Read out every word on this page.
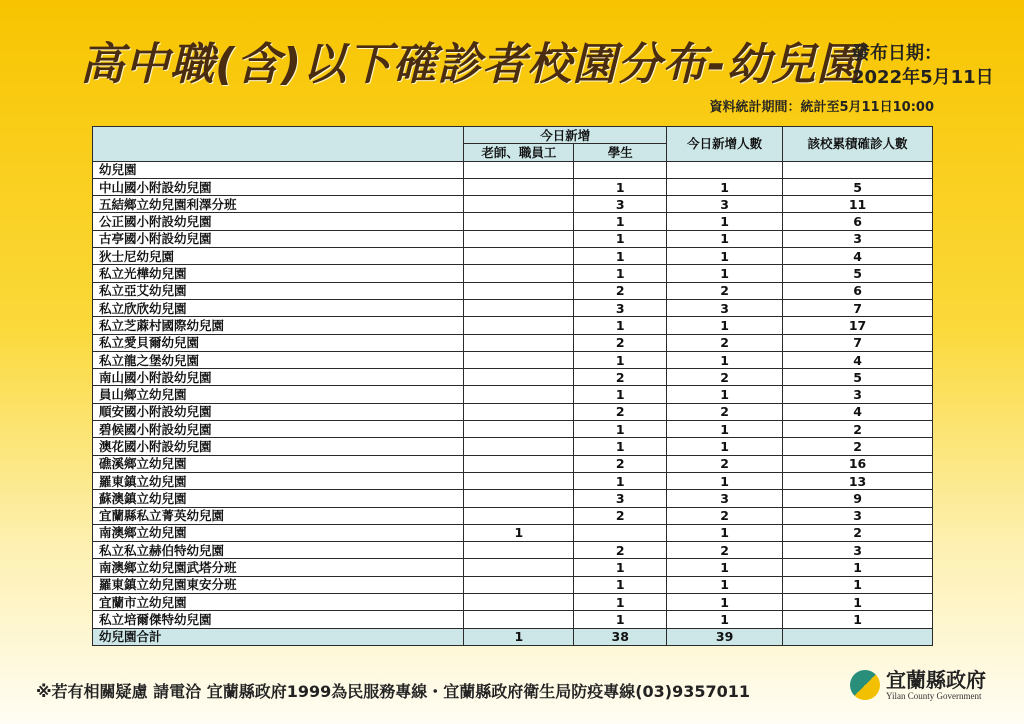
高中職(含)以下確診者校園分布-幼兒園
發布日期：
2022年5月11日
資料統計期間：統計至5月11日10:00
	今日新增		今日新增人數	該校累積確診人數
	老師、職員工	學生		
幼兒園				
中山國小附設幼兒園		1	1	5
五結鄉立幼兒園利澤分班		3	3	11
公正國小附設幼兒園		1	1	6
古亭國小附設幼兒園		1	1	3
狄士尼幼兒園		1	1	4
私立光樺幼兒園		1	1	5
私立亞艾幼兒園		2	2	6
私立欣欣幼兒園		3	3	7
私立芝蔴村國際幼兒園		1	1	17
私立愛貝爾幼兒園		2	2	7
私立龍之堡幼兒園		1	1	4
南山國小附設幼兒園		2	2	5
員山鄉立幼兒園		1	1	3
順安國小附設幼兒園		2	2	4
碧候國小附設幼兒園		1	1	2
澳花國小附設幼兒園		1	1	2
礁溪鄉立幼兒園		2	2	16
羅東鎮立幼兒園		1	1	13
蘇澳鎮立幼兒園		3	3	9
宜蘭縣私立菁英幼兒園		2	2	3
南澳鄉立幼兒園	1		1	2
私立私立赫伯特幼兒園		2	2	3
南澳鄉立幼兒園武塔分班		1	1	1
羅東鎮立幼兒園東安分班		1	1	1
宜蘭市立幼兒園		1	1	1
私立培爾傑特幼兒園		1	1	1
幼兒園合計	1	38	39	
※若有相關疑慮 請電洽 宜蘭縣政府1999為民服務專線・宜蘭縣政府衛生局防疫專線(03)9357011	宜蘭縣政府
Yilan County Government
